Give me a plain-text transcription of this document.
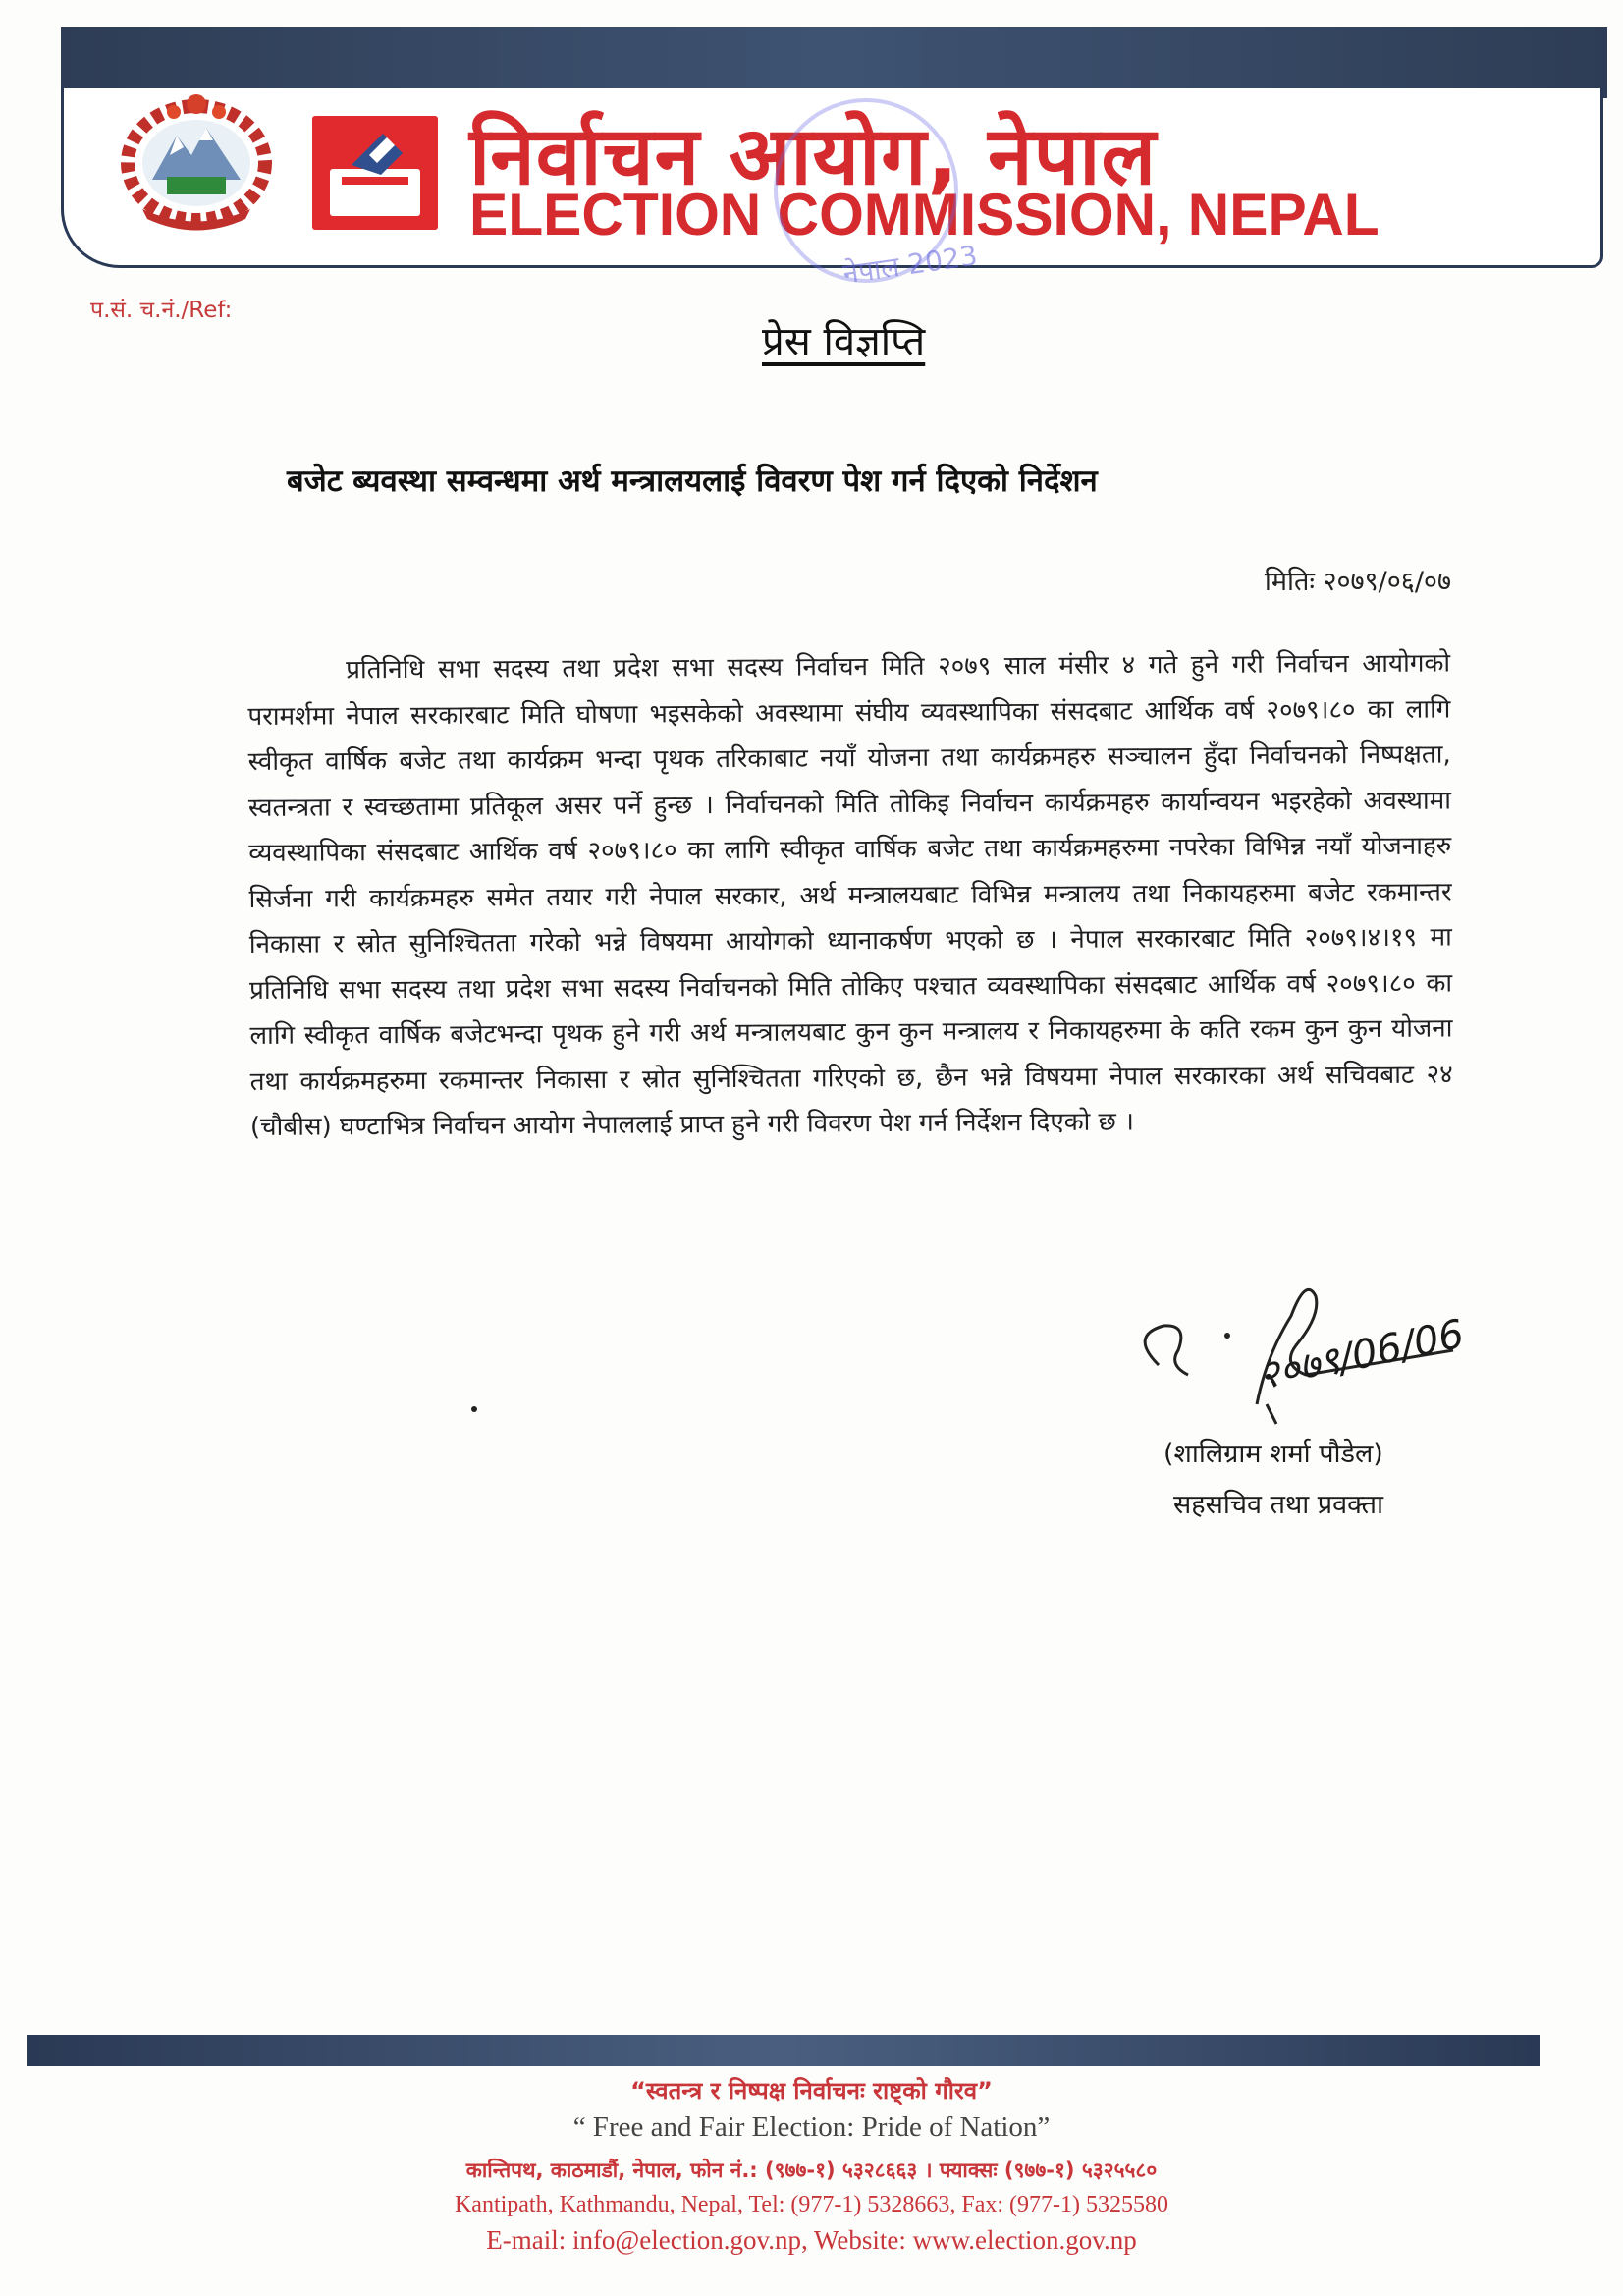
निर्वाचन आयोग, नेपाल
ELECTION COMMISSION, NEPAL
नेपाल 2023
प.सं. च.नं./Ref:
प्रेस विज्ञप्ति
बजेट ब्यवस्था सम्वन्धमा अर्थ मन्त्रालयलाई विवरण पेश गर्न दिएको निर्देशन
मितिः २०७९/०६/०७
प्रतिनिधि सभा सदस्य तथा प्रदेश सभा सदस्य निर्वाचन मिति २०७९ साल मंसीर ४ गते हुने गरी निर्वाचन आयोगको परामर्शमा नेपाल सरकारबाट मिति घोषणा भइसकेको अवस्थामा संघीय व्यवस्थापिका संसदबाट आर्थिक वर्ष २०७९।८० का लागि स्वीकृत वार्षिक बजेट तथा कार्यक्रम भन्दा पृथक तरिकाबाट नयाँ योजना तथा कार्यक्रमहरु सञ्चालन हुँदा निर्वाचनको निष्पक्षता, स्वतन्त्रता र स्वच्छतामा प्रतिकूल असर पर्ने हुन्छ । निर्वाचनको मिति तोकिइ निर्वाचन कार्यक्रमहरु कार्यान्वयन भइरहेको अवस्थामा व्यवस्थापिका संसदबाट आर्थिक वर्ष २०७९।८० का लागि स्वीकृत वार्षिक बजेट तथा कार्यक्रमहरुमा नपरेका विभिन्न नयाँ योजनाहरु सिर्जना गरी कार्यक्रमहरु समेत तयार गरी नेपाल सरकार, अर्थ मन्त्रालयबाट विभिन्न मन्त्रालय तथा निकायहरुमा बजेट रकमान्तर निकासा र स्रोत सुनिश्चितता गरेको भन्ने विषयमा आयोगको ध्यानाकर्षण भएको छ । नेपाल सरकारबाट मिति २०७९।४।१९ मा प्रतिनिधि सभा सदस्य तथा प्रदेश सभा सदस्य निर्वाचनको मिति तोकिए पश्चात व्यवस्थापिका संसदबाट आर्थिक वर्ष २०७९।८० का लागि स्वीकृत वार्षिक बजेटभन्दा पृथक हुने गरी अर्थ मन्त्रालयबाट कुन कुन मन्त्रालय र निकायहरुमा के कति रकम कुन कुन योजना तथा कार्यक्रमहरुमा रकमान्तर निकासा र स्रोत सुनिश्चितता गरिएको छ, छैन भन्ने विषयमा नेपाल सरकारका अर्थ सचिवबाट २४ (चौबीस) घण्टाभित्र निर्वाचन आयोग नेपाललाई प्राप्त हुने गरी विवरण पेश गर्न निर्देशन दिएको छ ।
२०७९/06/06
(शालिग्राम शर्मा पौडेल)
सहसचिव तथा प्रवक्ता
“स्वतन्त्र र निष्पक्ष निर्वाचनः राष्ट्को गौरव”
“ Free and Fair Election: Pride of Nation”
कान्तिपथ, काठमाडौं, नेपाल, फोन नं.: (९७७-१) ५३२८६६३ । फ्याक्सः (९७७-१) ५३२५५८०
Kantipath, Kathmandu, Nepal, Tel: (977-1) 5328663, Fax: (977-1) 5325580
E-mail: info@election.gov.np, Website: www.election.gov.np
